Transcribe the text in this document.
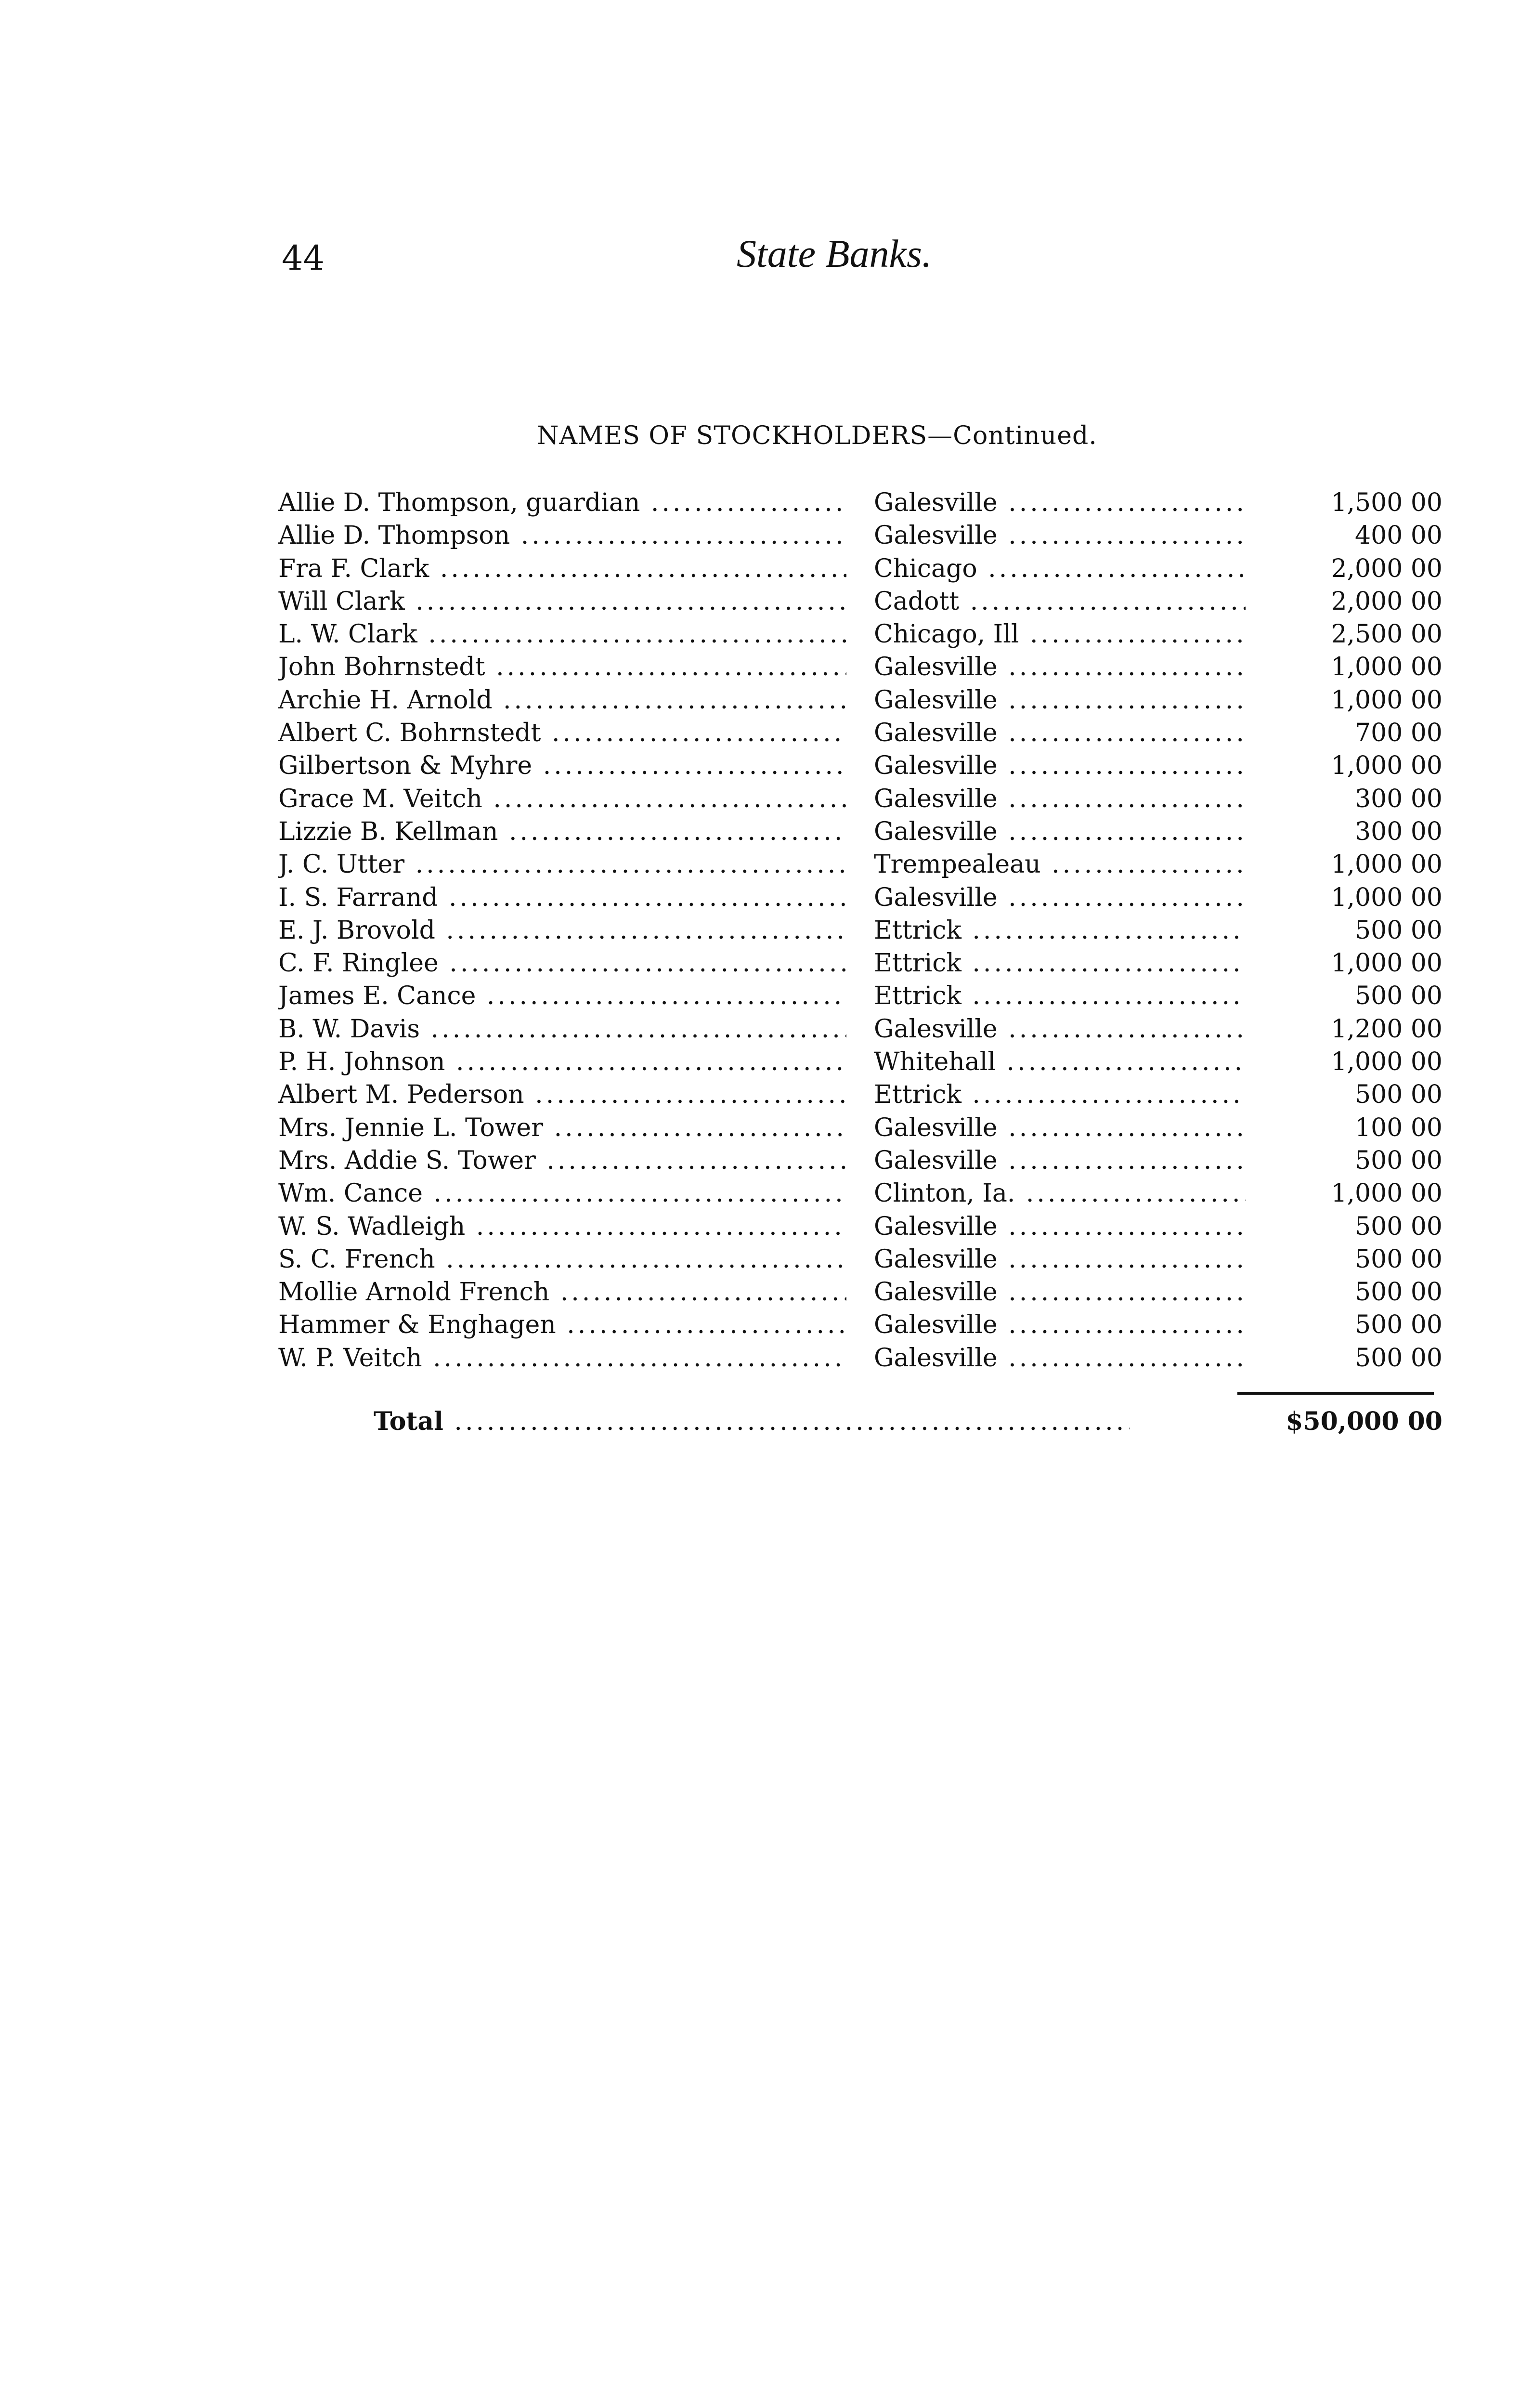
44	State Banks.
NAMES OF STOCKHOLDERS—Continued.
Allie D. Thompson, guardian .....	Galesville .....	1,500 00
Allie D. Thompson .....	Galesville .....	400 00
Fra F. Clark .....	Chicago .....	2,000 00
Will Clark .....	Cadott .....	2,000 00
L. W. Clark .....	Chicago, Ill .....	2,500 00
John Bohrnstedt .....	Galesville .....	1,000 00
Archie H. Arnold .....	Galesville .....	1,000 00
Albert C. Bohrnstedt .....	Galesville .....	700 00
Gilbertson & Myhre .....	Galesville .....	1,000 00
Grace M. Veitch .....	Galesville .....	300 00
Lizzie B. Kellman .....	Galesville .....	300 00
J. C. Utter .....	Trempealeau .....	1,000 00
I. S. Farrand .....	Galesville .....	1,000 00
E. J. Brovold .....	Ettrick .....	500 00
C. F. Ringlee .....	Ettrick .....	1,000 00
James E. Cance .....	Ettrick .....	500 00
B. W. Davis .....	Galesville .....	1,200 00
P. H. Johnson .....	Whitehall .....	1,000 00
Albert M. Pederson .....	Ettrick .....	500 00
Mrs. Jennie L. Tower .....	Galesville .....	100 00
Mrs. Addie S. Tower .....	Galesville .....	500 00
Wm. Cance .....	Clinton, Ia. .....	1,000 00
W. S. Wadleigh .....	Galesville .....	500 00
S. C. French .....	Galesville .....	500 00
Mollie Arnold French .....	Galesville .....	500 00
Hammer & Enghagen .....	Galesville .....	500 00
W. P. Veitch .....	Galesville .....	500 00
Total .....	$50,000 00
